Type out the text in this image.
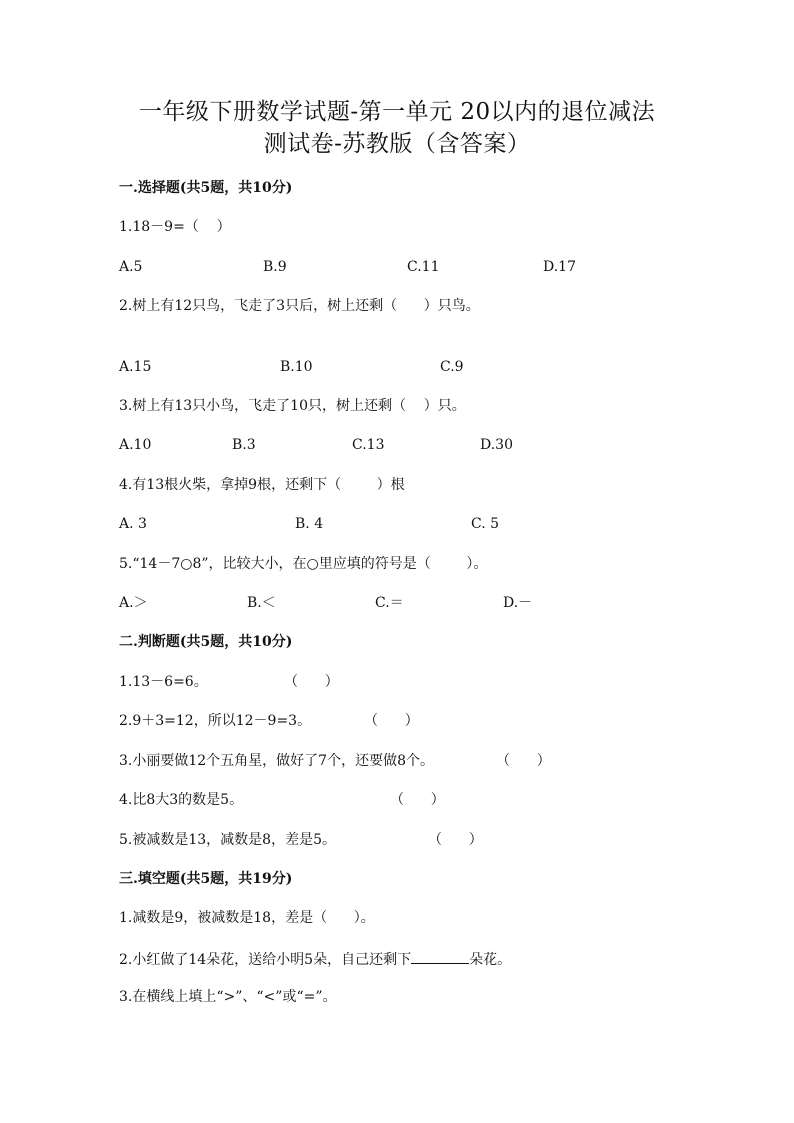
一年级下册数学试题-第一单元 20以内的退位减法
测试卷-苏教版（含答案）
一.选择题(共5题，共10分)
1.18－9=（    ）
A.5	B.9	C.11	D.17
2.树上有12只鸟，飞走了3只后，树上还剩（      ）只鸟。
A.15	B.10	C.9
3.树上有13只小鸟，飞走了10只，树上还剩（    ）只。
A.10	B.3	C.13	D.30
4.有13根火柴，拿掉9根，还剩下（        ）根
A. 3	B. 4	C. 5
5.“14－7○8”，比较大小，在○里应填的符号是（        ）。
A.＞	B.＜	C.＝	D.－
二.判断题(共5题，共10分)
1.13－6=6。	（      ）
2.9＋3=12，所以12－9=3。	（      ）
3.小丽要做12个五角星，做好了7个，还要做8个。	（      ）
4.比8大3的数是5。	（      ）
5.被减数是13，减数是8，差是5。	（      ）
三.填空题(共5题，共19分)
1.减数是9，被减数是18，差是（      ）。
2.小红做了14朵花，送给小明5朵，自己还剩下	朵花。
3.在横线上填上“>”、“<”或“=”。
